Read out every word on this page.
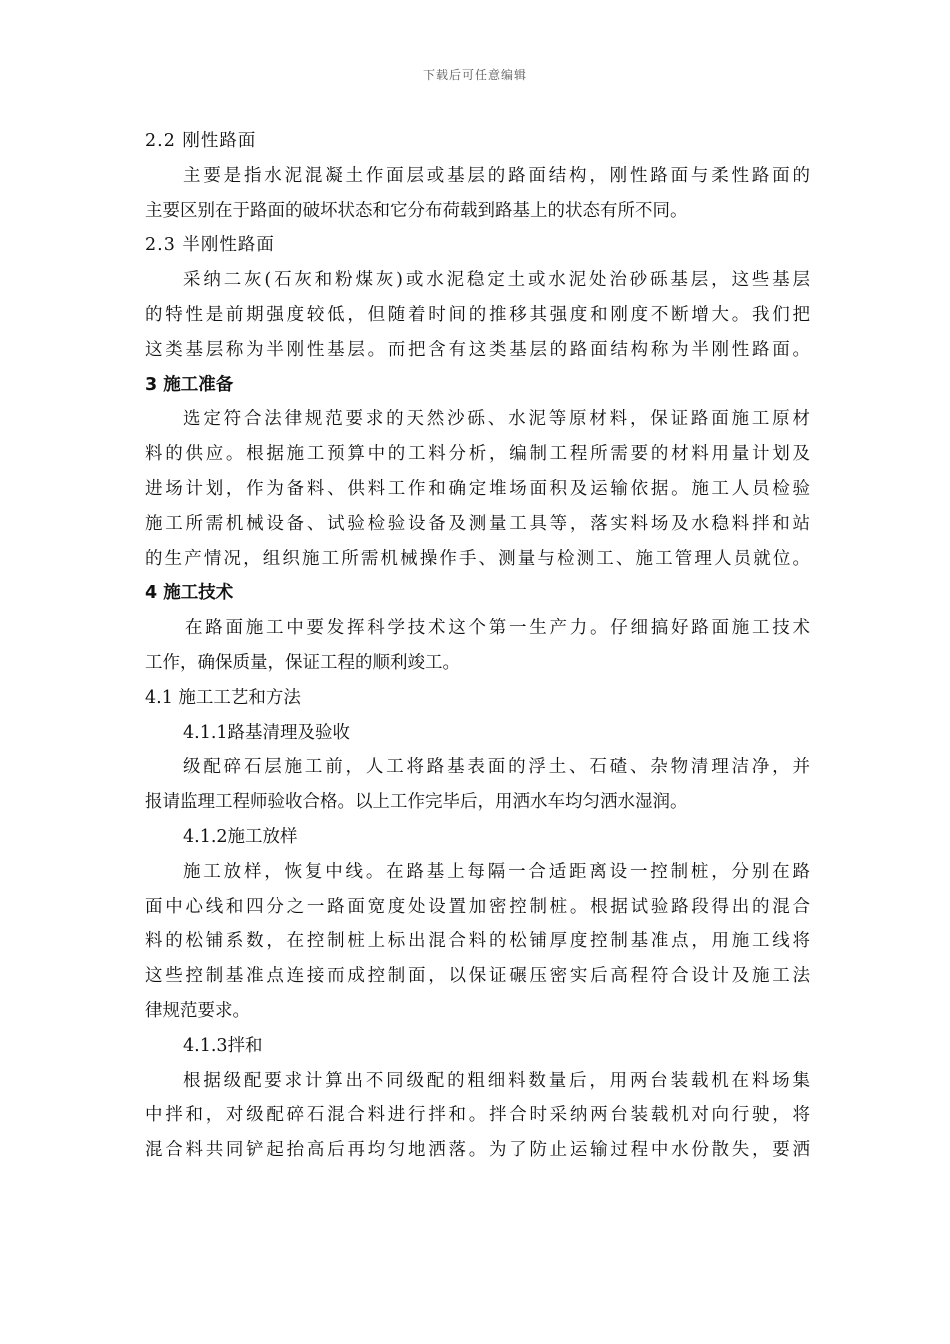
下载后可任意编辑
2.2 刚性路面
主要是指水泥混凝土作面层或基层的路面结构，刚性路面与柔性路面的
主要区别在于路面的破坏状态和它分布荷载到路基上的状态有所不同。
2.3 半刚性路面
采纳二灰(石灰和粉煤灰)或水泥稳定土或水泥处治砂砾基层，这些基层
的特性是前期强度较低，但随着时间的推移其强度和刚度不断增大。我们把
这类基层称为半刚性基层。而把含有这类基层的路面结构称为半刚性路面。
3 施工准备
选定符合法律规范要求的天然沙砾、水泥等原材料，保证路面施工原材
料的供应。根据施工预算中的工料分析，编制工程所需要的材料用量计划及
进场计划，作为备料、供料工作和确定堆场面积及运输依据。施工人员检验
施工所需机械设备、试验检验设备及测量工具等，落实料场及水稳料拌和站
的生产情况，组织施工所需机械操作手、测量与检测工、施工管理人员就位。
4 施工技术
在路面施工中要发挥科学技术这个第一生产力。仔细搞好路面施工技术
工作，确保质量，保证工程的顺利竣工。
4.1 施工工艺和方法
4.1.1路基清理及验收
级配碎石层施工前，人工将路基表面的浮土、石碴、杂物清理洁净，并
报请监理工程师验收合格。以上工作完毕后，用洒水车均匀洒水湿润。
4.1.2施工放样
施工放样，恢复中线。在路基上每隔一合适距离设一控制桩，分别在路
面中心线和四分之一路面宽度处设置加密控制桩。根据试验路段得出的混合
料的松铺系数，在控制桩上标出混合料的松铺厚度控制基准点，用施工线将
这些控制基准点连接而成控制面，以保证碾压密实后高程符合设计及施工法
律规范要求。
4.1.3拌和
根据级配要求计算出不同级配的粗细料数量后，用两台装载机在料场集
中拌和，对级配碎石混合料进行拌和。拌合时采纳两台装载机对向行驶，将
混合料共同铲起抬高后再均匀地洒落。为了防止运输过程中水份散失，要洒
